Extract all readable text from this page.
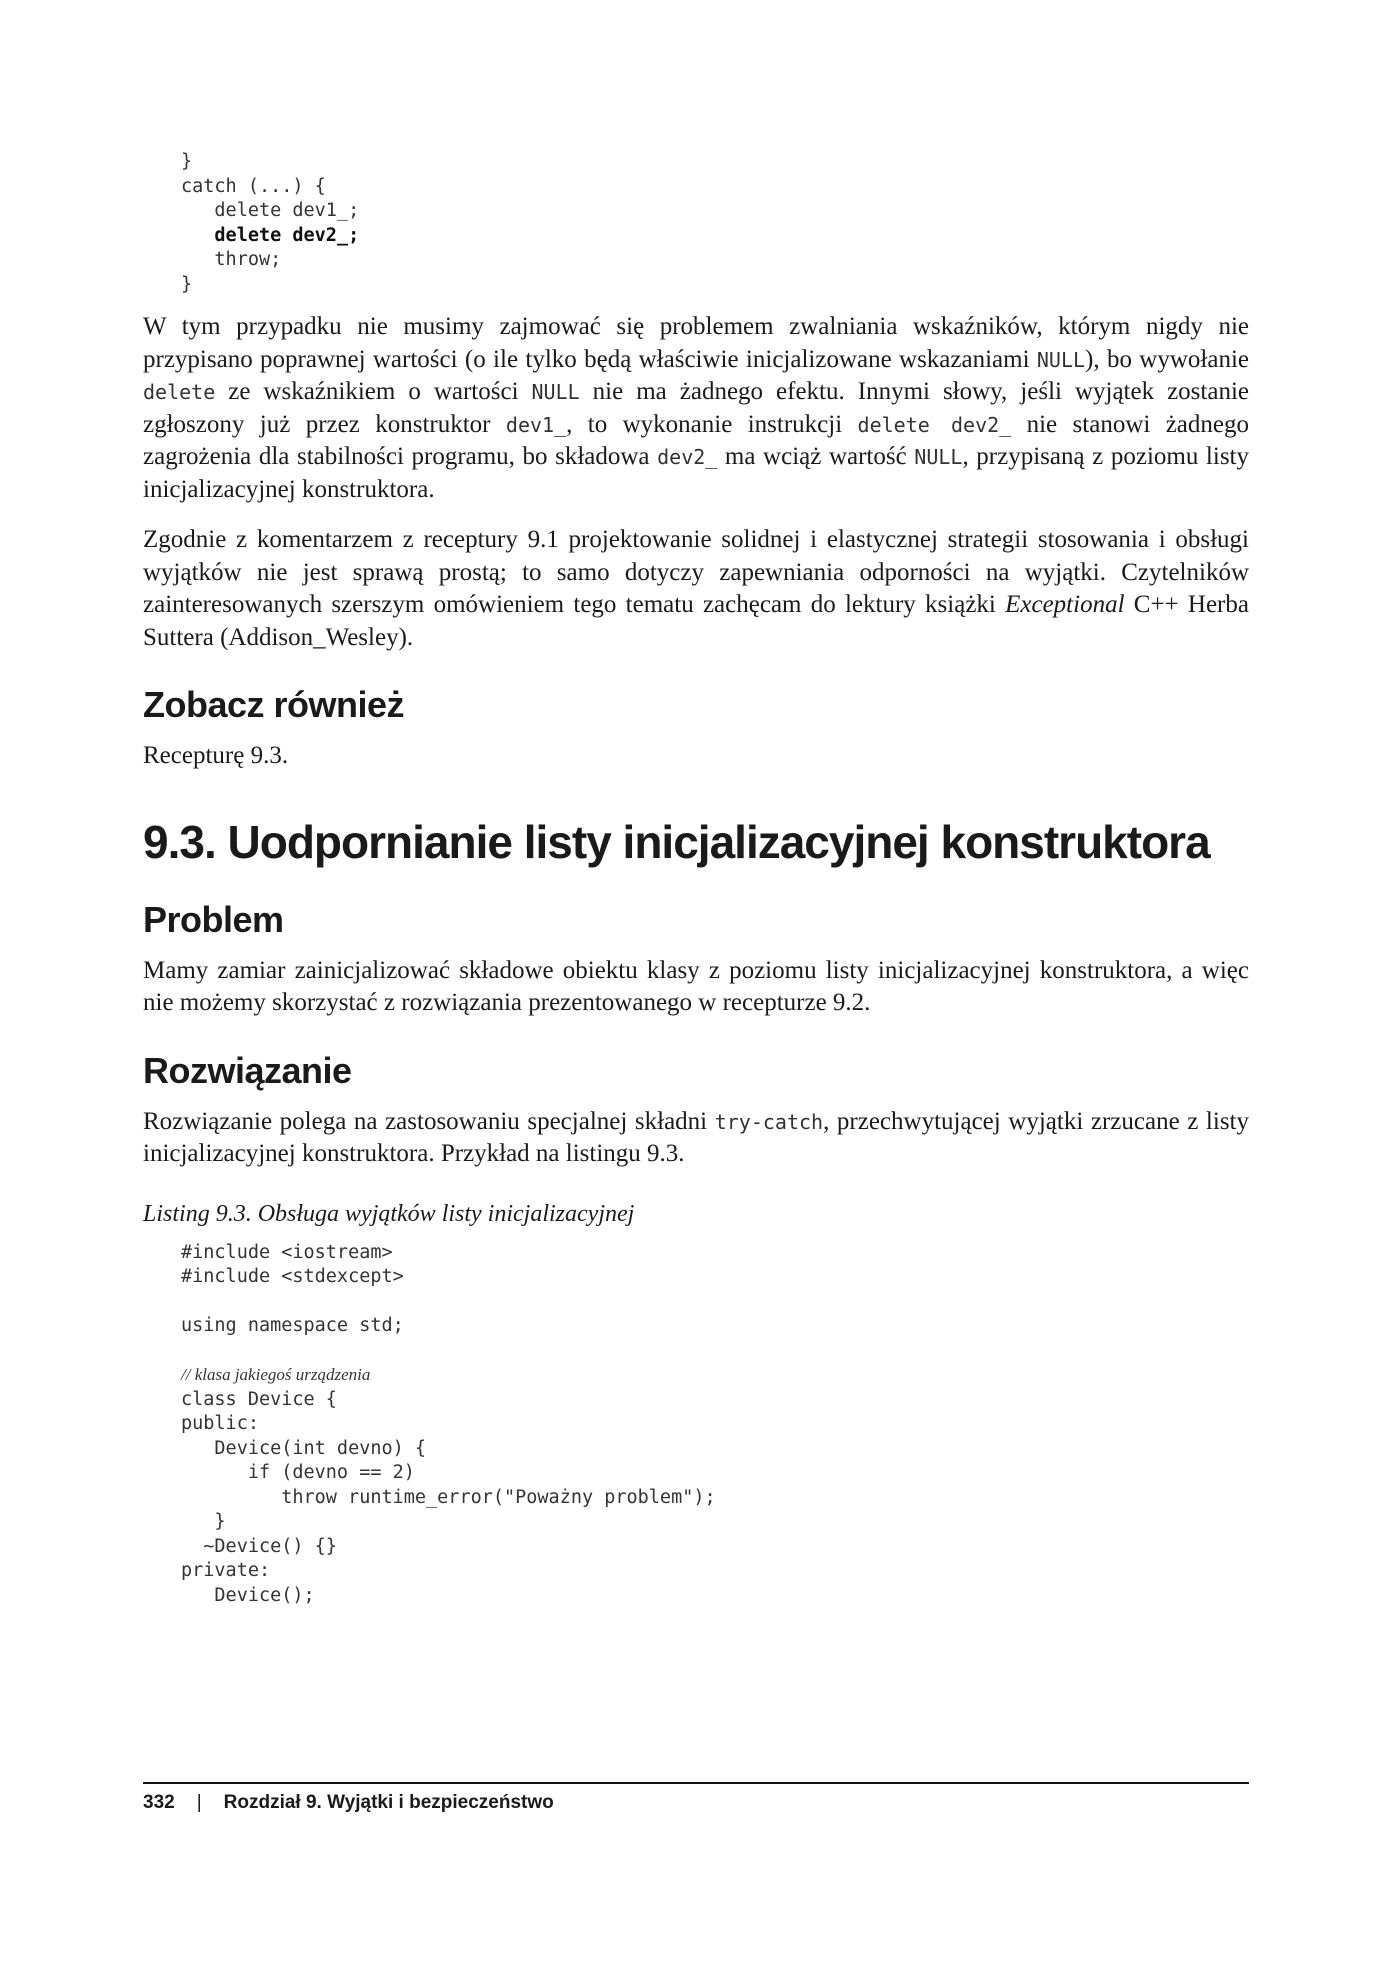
}
catch (...) {
delete dev1_;
delete dev2_;
throw;
}

W tym przypadku nie musimy zajmować się problemem zwalniania wskaźników, którym nigdy nie przypisano poprawnej wartości (o ile tylko będą właściwie inicjalizowane wskazaniami NULL), bo wywołanie delete ze wskaźnikiem o wartości NULL nie ma żadnego efektu. Innymi słowy, jeśli wyjątek zostanie zgłoszony już przez konstruktor dev1_, to wykonanie instrukcji delete dev2_ nie stanowi żadnego zagrożenia dla stabilności programu, bo składowa dev2_ ma wciąż wartość NULL, przypisaną z poziomu listy inicjalizacyjnej konstruktora.

Zgodnie z komentarzem z receptury 9.1 projektowanie solidnej i elastycznej strategii stosowania i obsługi wyjątków nie jest sprawą prostą; to samo dotyczy zapewniania odporności na wyjątki. Czytelników zainteresowanych szerszym omówieniem tego tematu zachęcam do lektury książki Exceptional C++ Herba Suttera (Addison_Wesley).

Zobacz również

Recepturę 9.3.

9.3. Uodpornianie listy inicjalizacyjnej konstruktora
Problem

Mamy zamiar zainicjalizować składowe obiektu klasy z poziomu listy inicjalizacyjnej konstruktora, a więc nie możemy skorzystać z rozwiązania prezentowanego w recepturze 9.2.

Rozwiązanie

Rozwiązanie polega na zastosowaniu specjalnej składni try-catch, przechwytującej wyjątki zrzucane z listy inicjalizacyjnej konstruktora. Przykład na listingu 9.3.

Listing 9.3. Obsługa wyjątków listy inicjalizacyjnej

#include <iostream>
#include <stdexcept>

using namespace std;

// klasa jakiegoś urządzenia
class Device {
public:
Device(int devno) {
if (devno == 2)
throw runtime_error("Poważny problem");
}
~Device() {}
private:
Device();
332 | Rozdział 9. Wyjątki i bezpieczeństwo
